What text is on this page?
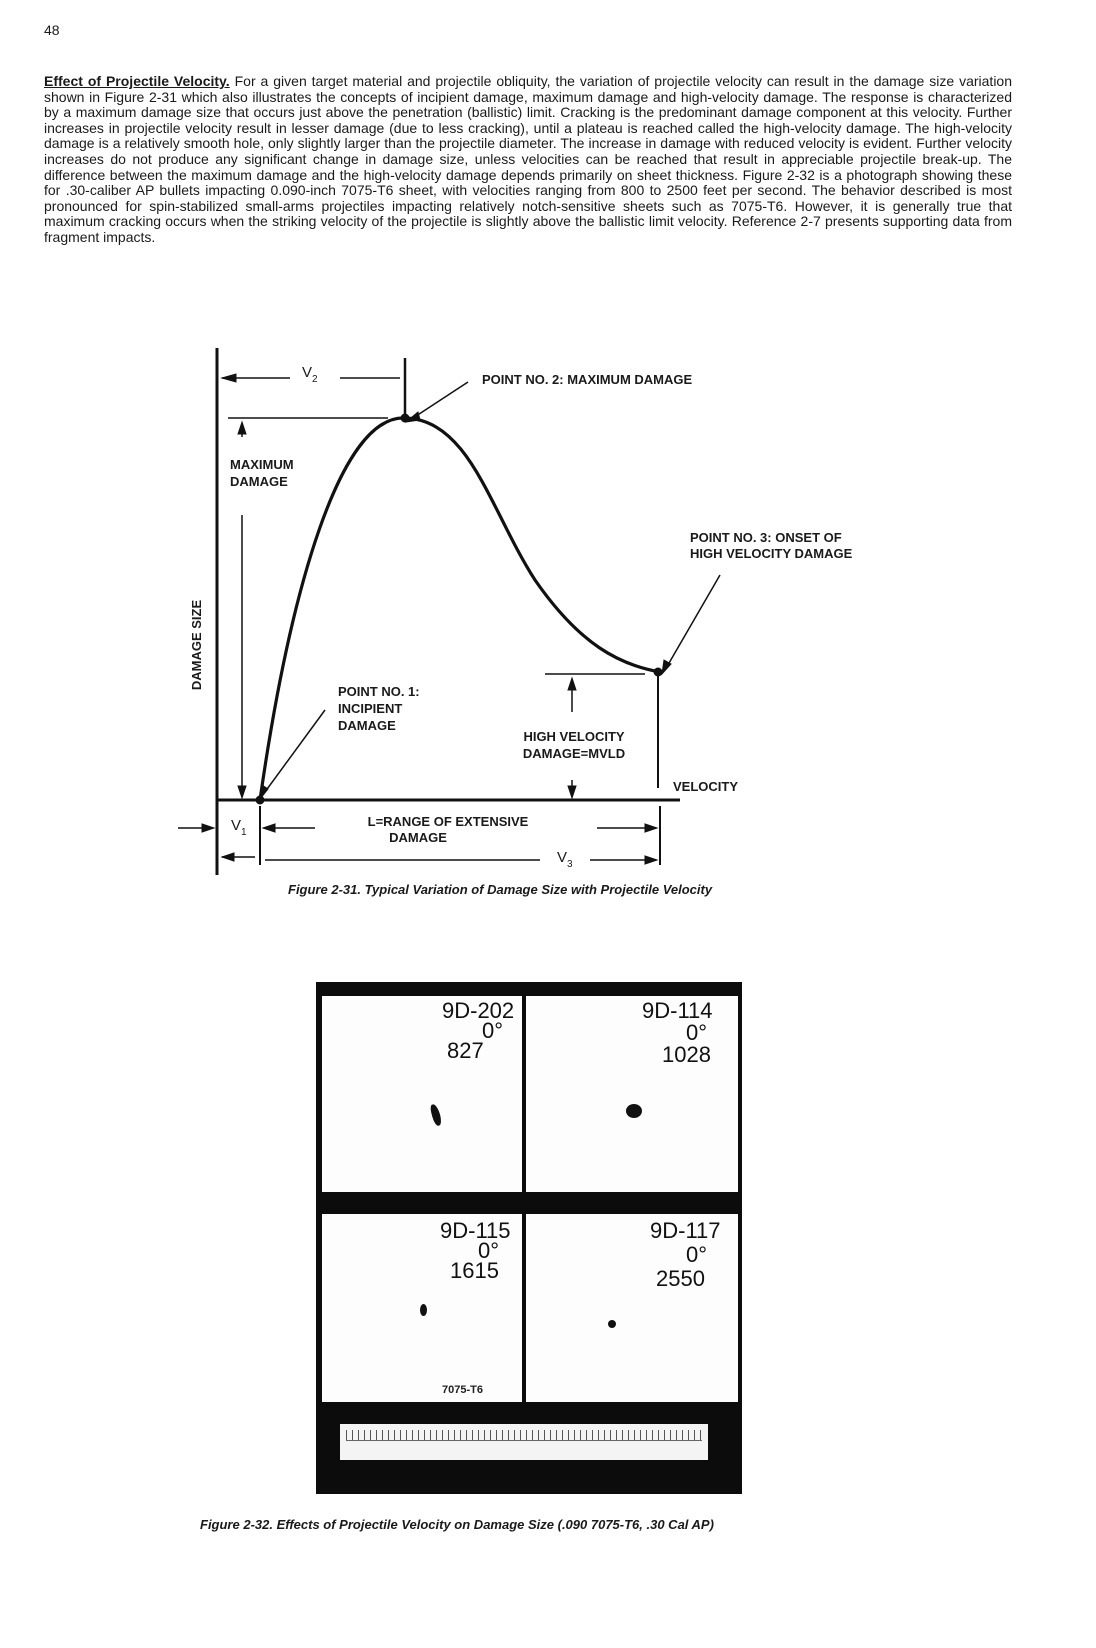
48

Effect of Projectile Velocity. For a given target material and projectile obliquity, the variation of projectile velocity can result in the damage size variation shown in Figure 2-31 which also illustrates the concepts of incipient damage, maximum damage and high-velocity damage. The response is characterized by a maximum damage size that occurs just above the penetration (ballistic) limit. Cracking is the predominant damage component at this velocity. Further increases in projectile velocity result in lesser damage (due to less cracking), until a plateau is reached called the high-velocity damage. The high-velocity damage is a relatively smooth hole, only slightly larger than the projectile diameter. The increase in damage with reduced velocity is evident. Further velocity increases do not produce any significant change in damage size, unless velocities can be reached that result in appreciable projectile break-up. The difference between the maximum damage and the high-velocity damage depends primarily on sheet thickness. Figure 2-32 is a photograph showing these for .30-caliber AP bullets impacting 0.090-inch 7075-T6 sheet, with velocities ranging from 800 to 2500 feet per second. The behavior described is most pronounced for spin-stabilized small-arms projectiles impacting relatively notch-sensitive sheets such as 7075-T6. However, it is generally true that maximum cracking occurs when the striking velocity of the projectile is slightly above the ballistic limit velocity. Reference 2-7 presents supporting data from fragment impacts.

DAMAGE SIZE
VELOCITY
$V_2$
$V_1$
$V_3$
POINT NO. 2: MAXIMUM DAMAGE
POINT NO. 3: ONSET OF
HIGH VELOCITY DAMAGE
POINT NO. 1:
INCIPIENT
DAMAGE
MAXIMUM
DAMAGE
HIGH VELOCITY
DAMAGE=MVLD
L=RANGE OF EXTENSIVE
DAMAGE
Figure 2-31. Typical Variation of Damage Size with Projectile Velocity
9D-202
0°
827
9D-114
0°
1028
9D-115
0°
1615
7075-T6
9D-117
0°
2550
Figure 2-32. Effects of Projectile Velocity on Damage Size (.090 7075-T6, .30 Cal AP)
